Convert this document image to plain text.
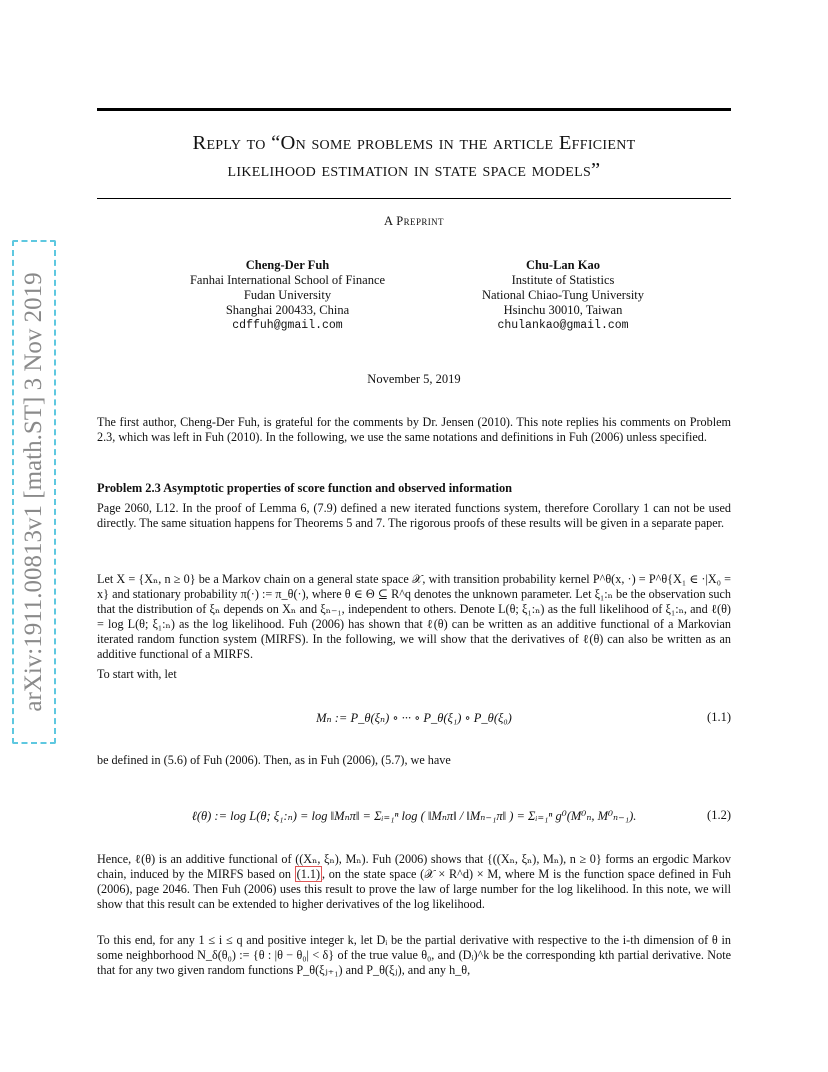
arXiv:1911.00813v1 [math.ST] 3 Nov 2019
Reply to “On some problems in the article Efficient
likelihood estimation in state space models”
A Preprint
Cheng-Der Fuh
Fanhai International School of Finance
Fudan University
Shanghai 200433, China
cdffuh@gmail.com
Chu-Lan Kao
Institute of Statistics
National Chiao-Tung University
Hsinchu 30010, Taiwan
chulankao@gmail.com
November 5, 2019
The first author, Cheng-Der Fuh, is grateful for the comments by Dr. Jensen (2010). This note replies his comments on Problem 2.3, which was left in Fuh (2010). In the following, we use the same notations and definitions in Fuh (2006) unless specified.
Problem 2.3 Asymptotic properties of score function and observed information
Page 2060, L12. In the proof of Lemma 6, (7.9) defined a new iterated functions system, therefore Corollary 1 can not be used directly. The same situation happens for Theorems 5 and 7. The rigorous proofs of these results will be given in a separate paper.
Let X = {Xₙ, n ≥ 0} be a Markov chain on a general state space 𝒳, with transition probability kernel P^θ(x, ·) = P^θ{X₁ ∈ ·|X₀ = x} and stationary probability π(·) := π_θ(·), where θ ∈ Θ ⊆ R^q denotes the unknown parameter. Let ξ₁:ₙ be the observation such that the distribution of ξₙ depends on Xₙ and ξₙ₋₁, independent to others. Denote L(θ; ξ₁:ₙ) as the full likelihood of ξ₁:ₙ, and ℓ(θ) = log L(θ; ξ₁:ₙ) as the log likelihood. Fuh (2006) has shown that ℓ(θ) can be written as an additive functional of a Markovian iterated random function system (MIRFS). In the following, we will show that the derivatives of ℓ(θ) can also be written as an additive functional of a MIRFS.
To start with, let
Mₙ := P_θ(ξₙ) ∘ ··· ∘ P_θ(ξ₁) ∘ P_θ(ξ₀)	(1.1)
be defined in (5.6) of Fuh (2006). Then, as in Fuh (2006), (5.7), we have
ℓ(θ) := log L(θ; ξ₁:ₙ) = log ‖Mₙπ‖ = Σᵢ₌₁ⁿ log ( ‖Mₙπ‖ / ‖Mₙ₋₁π‖ ) = Σᵢ₌₁ⁿ g⁰(M⁰ₙ, M⁰ₙ₋₁).	(1.2)
Hence, ℓ(θ) is an additive functional of ((Xₙ, ξₙ), Mₙ). Fuh (2006) shows that {((Xₙ, ξₙ), Mₙ), n ≥ 0} forms an ergodic Markov chain, induced by the MIRFS based on (1.1) , on the state space (𝒳 × R^d) × M, where M is the function space defined in Fuh (2006), page 2046. Then Fuh (2006) uses this result to prove the law of large number for the log likelihood. In this note, we will show that this result can be extended to higher derivatives of the log likelihood.
To this end, for any 1 ≤ i ≤ q and positive integer k, let Dᵢ be the partial derivative with respective to the i-th dimension of θ in some neighborhood N_δ(θ₀) := {θ : |θ − θ₀| < δ} of the true value θ₀, and (Dᵢ)^k be the corresponding kth partial derivative. Note that for any two given random functions P_θ(ξⱼ₊₁) and P_θ(ξⱼ), and any h_θ,
